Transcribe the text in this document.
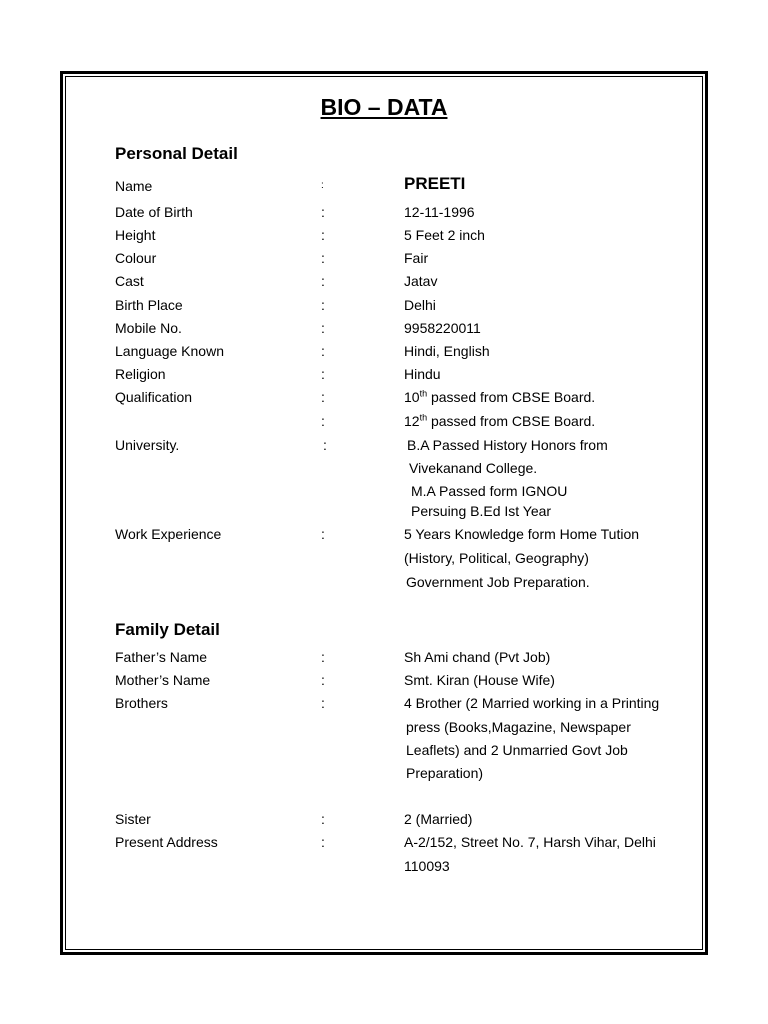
BIO – DATA
Personal Detail
Name	:	PREETI
Date of Birth	:	12-11-1996
Height	:	5 Feet 2 inch
Colour	:	Fair
Cast	:	Jatav
Birth Place	:	Delhi
Mobile No.	:	9958220011
Language Known	:	Hindi, English
Religion	:	Hindu
Qualification	:	10th passed from CBSE Board.
:	12th passed from CBSE Board.
University.	:	B.A Passed History Honors from
Vivekanand College.
M.A Passed form IGNOU
Persuing B.Ed Ist Year
Work Experience	:	5 Years Knowledge form Home Tution
(History, Political, Geography)
Government Job Preparation.
Family Detail
Father’s Name	:	Sh Ami chand (Pvt Job)
Mother’s Name	:	Smt. Kiran (House Wife)
Brothers	:	4 Brother (2 Married working in a Printing
press (Books,Magazine, Newspaper
Leaflets) and 2 Unmarried Govt Job
Preparation)
Sister	:	2 (Married)
Present Address	:	A-2/152, Street No. 7, Harsh Vihar, Delhi
110093
